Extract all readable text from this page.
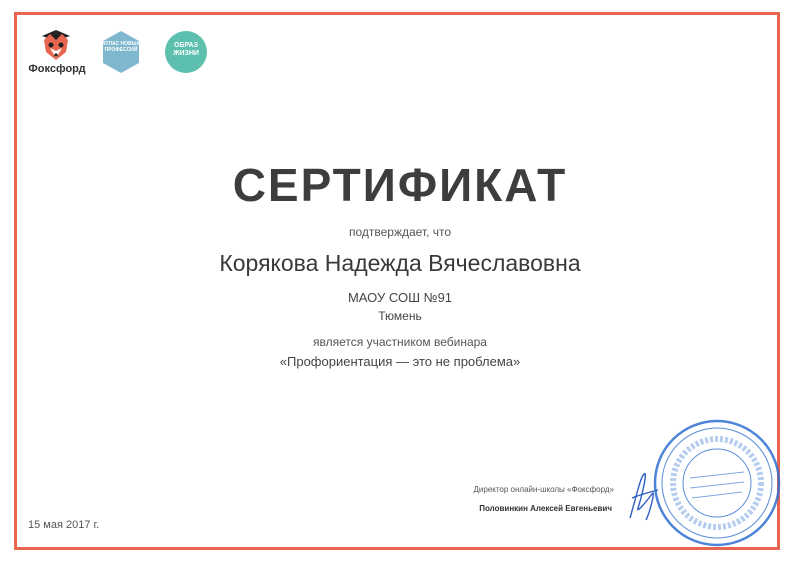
Фоксфорд
АТЛАС НОВЫХ ПРОФЕССИЙ
ОБРАЗ ЖИЗНИ
СЕРТИФИКАТ
подтверждает, что
Корякова Надежда Вячеславовна
МАОУ СОШ №91
Тюмень
является участником вебинара
«Профориентация — это не проблема»
Директор онлайн-школы «Фоксфорд»
Половинкин Алексей Евгеньевич
15 мая 2017 г.
